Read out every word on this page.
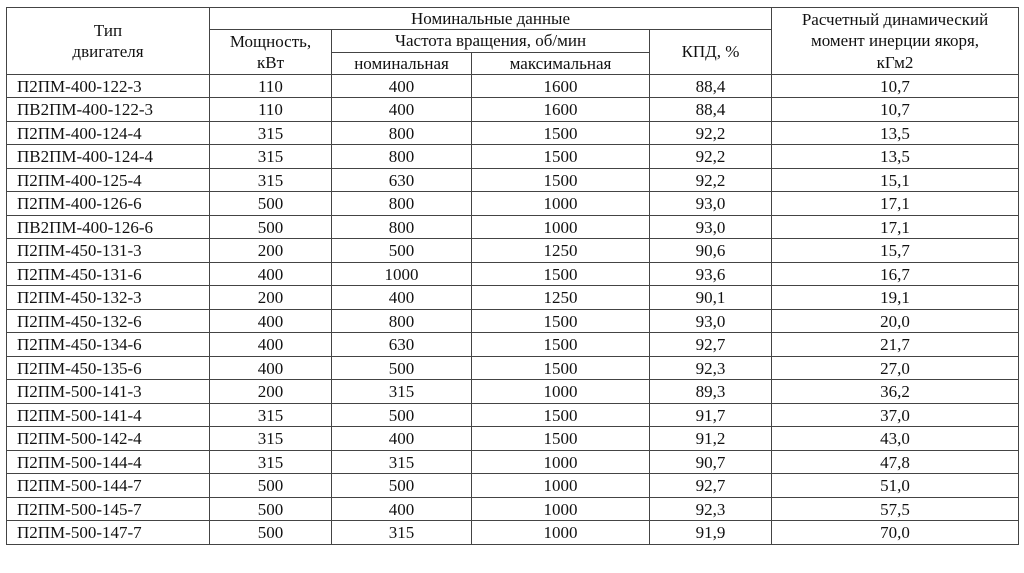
Тип
двигателя	Номинальные данные				Расчетный динамический
момент инерции якоря,
кГм2
	Мощность,
кВт	Частота вращения, об/мин		КПД, %	
		номинальная	максимальная		
П2ПМ-400-122-3	110	400	1600	88,4	10,7
ПВ2ПМ-400-122-3	110	400	1600	88,4	10,7
П2ПМ-400-124-4	315	800	1500	92,2	13,5
ПВ2ПМ-400-124-4	315	800	1500	92,2	13,5
П2ПМ-400-125-4	315	630	1500	92,2	15,1
П2ПМ-400-126-6	500	800	1000	93,0	17,1
ПВ2ПМ-400-126-6	500	800	1000	93,0	17,1
П2ПМ-450-131-3	200	500	1250	90,6	15,7
П2ПМ-450-131-6	400	1000	1500	93,6	16,7
П2ПМ-450-132-3	200	400	1250	90,1	19,1
П2ПМ-450-132-6	400	800	1500	93,0	20,0
П2ПМ-450-134-6	400	630	1500	92,7	21,7
П2ПМ-450-135-6	400	500	1500	92,3	27,0
П2ПМ-500-141-3	200	315	1000	89,3	36,2
П2ПМ-500-141-4	315	500	1500	91,7	37,0
П2ПМ-500-142-4	315	400	1500	91,2	43,0
П2ПМ-500-144-4	315	315	1000	90,7	47,8
П2ПМ-500-144-7	500	500	1000	92,7	51,0
П2ПМ-500-145-7	500	400	1000	92,3	57,5
П2ПМ-500-147-7	500	315	1000	91,9	70,0
